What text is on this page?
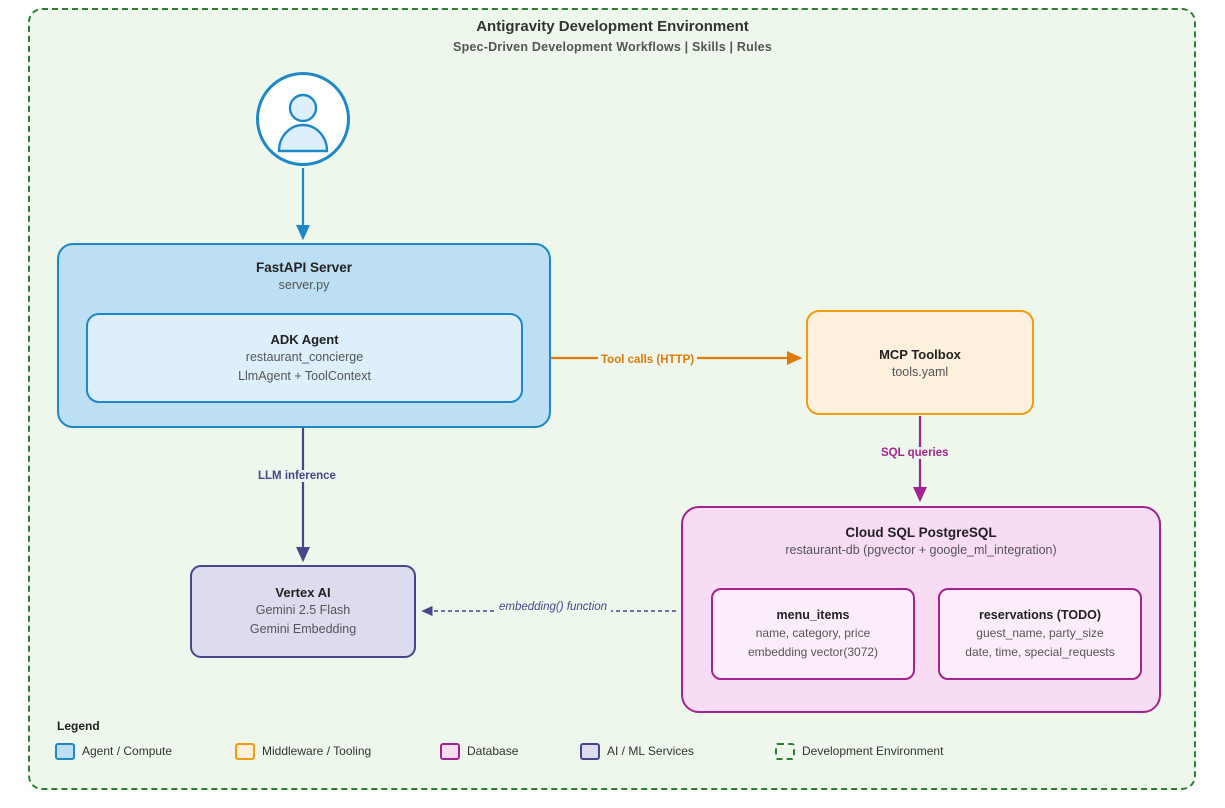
Antigravity Development Environment
Spec-Driven Development Workflows | Skills | Rules
FastAPI Server
server.py
ADK Agent
restaurant_concierge
LlmAgent + ToolContext
MCP Toolbox
tools.yaml
Vertex AI
Gemini 2.5 Flash
Gemini Embedding
Cloud SQL PostgreSQL
restaurant-db (pgvector + google_ml_integration)
menu_items
name, category, price
embedding vector(3072)
reservations (TODO)
guest_name, party_size
date, time, special_requests
Tool calls (HTTP)
SQL queries
LLM inference
embedding() function
Legend
Agent / Compute	Middleware / Tooling	Database	AI / ML Services	Development Environment
